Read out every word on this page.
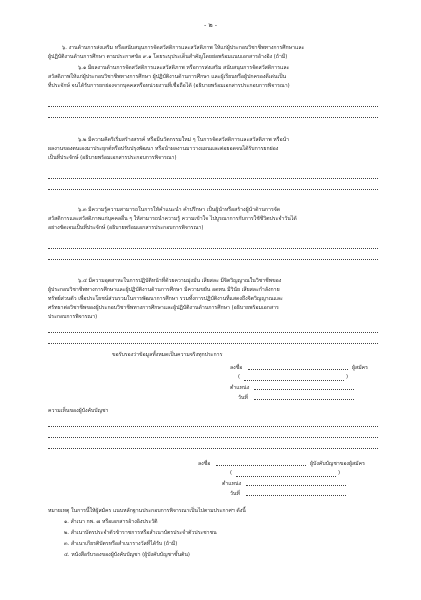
- ๒ -
๖. งานด้านการส่งเสริม หรือสนับสนุนการจัดสวัสดิการและสวัสดิภาพ ให้แก่ผู้ประกอบวิชาชีพทางการศึกษาและ
ผู้ปฏิบัติงานด้านการศึกษา ตามประกาศข้อ ๙.๑ โดยระบุประเด็นสำคัญโดยย่อพร้อมแนบเอกสารอ้างอิง (ถ้ามี)
๖.๑ มีผลงานด้านการจัดสวัสดิการและสวัสดิภาพ หรือการส่งเสริม สนับสนุนการจัดสวัสดิการและ
สวัสดิภาพให้แก่ผู้ประกอบวิชาชีพทางการศึกษา ผู้ปฏิบัติงานด้านการศึกษา และผู้เรียนหรือผู้ปกครองดีเด่นเป็น
ที่ประจักษ์ จนได้รับการยกย่องจากบุคคลหรือหน่วยงานที่เชื่อถือได้ (อธิบายพร้อมเอกสารประกอบการพิจารณา)
๖.๒ มีความคิดริเริ่มสร้างสรรค์ หรือมีนวัตกรรมใหม่ ๆ ในการจัดสวัสดิการและสวัสดิภาพ หรือนำ
ผลงานของตนเองมาประยุกต์หรือปรับปรุงพัฒนา หรือนำผลงานมาวางแผนและต่อยอดจนได้รับการยกย่อง
เป็นที่ประจักษ์ (อธิบายพร้อมเอกสารประกอบการพิจารณา)
๖.๓ มีความรู้ความสามารถในการให้คำแนะนำ คำปรึกษา เป็นผู้นำหรือสร้างผู้นำด้านการจัด
สวัสดิการและสวัสดิภาพแก่บุคคลอื่น ๆ ให้สามารถนำความรู้ ความเข้าใจ ไปบูรณาการกับการใช้ชีวิตประจำวันได้
อย่างชัดเจนเป็นที่ประจักษ์ (อธิบายพร้อมเอกสารประกอบการพิจารณา)
๖.๔ มีความอุตสาหะในการปฏิบัติหน้าที่ด้วยความมุ่งมั่น เสียสละ มีจิตวิญญาณในวิชาชีพของ
ผู้ประกอบวิชาชีพทางการศึกษาและผู้ปฏิบัติงานด้านการศึกษา มีความขยัน อดทน มีวินัย เสียสละกำลังกาย
ทรัพย์ส่วนตัว เพื่อประโยชน์ส่วนรวมในการพัฒนาการศึกษา รวมทั้งการปฏิบัติงานที่แสดงถึงจิตวิญญาณและ
ศรัทธาต่อวิชาชีพของผู้ประกอบวิชาชีพทางการศึกษาและผู้ปฏิบัติงานด้านการศึกษา (อธิบายพร้อมเอกสาร
ประกอบการพิจารณา)
ขอรับรองว่าข้อมูลทั้งหมดเป็นความจริงทุกประการ
ลงชื่อ	ผู้สมัคร
(	)
ตำแหน่ง
วันที่
ความเห็นของผู้บังคับบัญชา
ลงชื่อ	ผู้บังคับบัญชาของผู้สมัคร
(	)
ตำแหน่ง
วันที่
หมายเหตุ ในการนี้ให้ผู้สมัคร แนบหลักฐานประกอบการพิจารณาเป็นไปตามประกาศฯ ดังนี้
๑. สำเนา กพ. ๗ หรือเอกสารอ้างอิงประวัติ
๒. สำเนาบัตรประจำตัวข้าราชการหรือสำเนาบัตรประจำตัวประชาชน
๓. สำเนาเกียรติบัตรหรือสำเนารางวัลที่ได้รับ (ถ้ามี)
๔. หนังสือรับรองของผู้บังคับบัญชา (ผู้บังคับบัญชาชั้นต้น)
